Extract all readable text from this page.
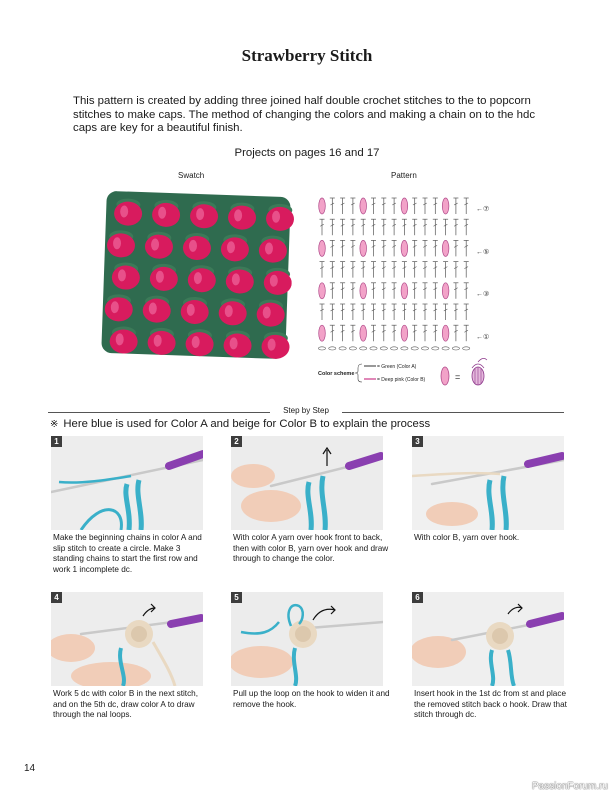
Strawberry Stitch

This pattern is created by adding three joined half double crochet stitches to the to popcorn stitches to make caps. The method of changing the colors and making a chain on to the hdc caps are key for a beautiful finish.

Projects on pages 16 and 17

Swatch	Pattern

←⑦
←⑤
←③
←①
Color scheme
= Green (Color A)
= Deep pink (Color B)	=
Step by Step

※ Here blue is used for Color A and beige for Color B to explain the process

1

Make the beginning chains in color A and slip stitch to create a circle. Make 3 standing chains to start the first row and work 1 incomplete dc.

2

With color A yarn over hook front to back, then with color B, yarn over hook and draw through to change the color.

3

With color B, yarn over hook.

4

Work 5 dc with color B in the next stitch, and on the 5th dc, draw color A to draw through the nal loops.

5

Pull up the loop on the hook to widen it and remove the hook.

6

Insert hook in the 1st dc from st and place the removed stitch back o hook. Draw that stitch through dc.

14

PassionForum.ru
